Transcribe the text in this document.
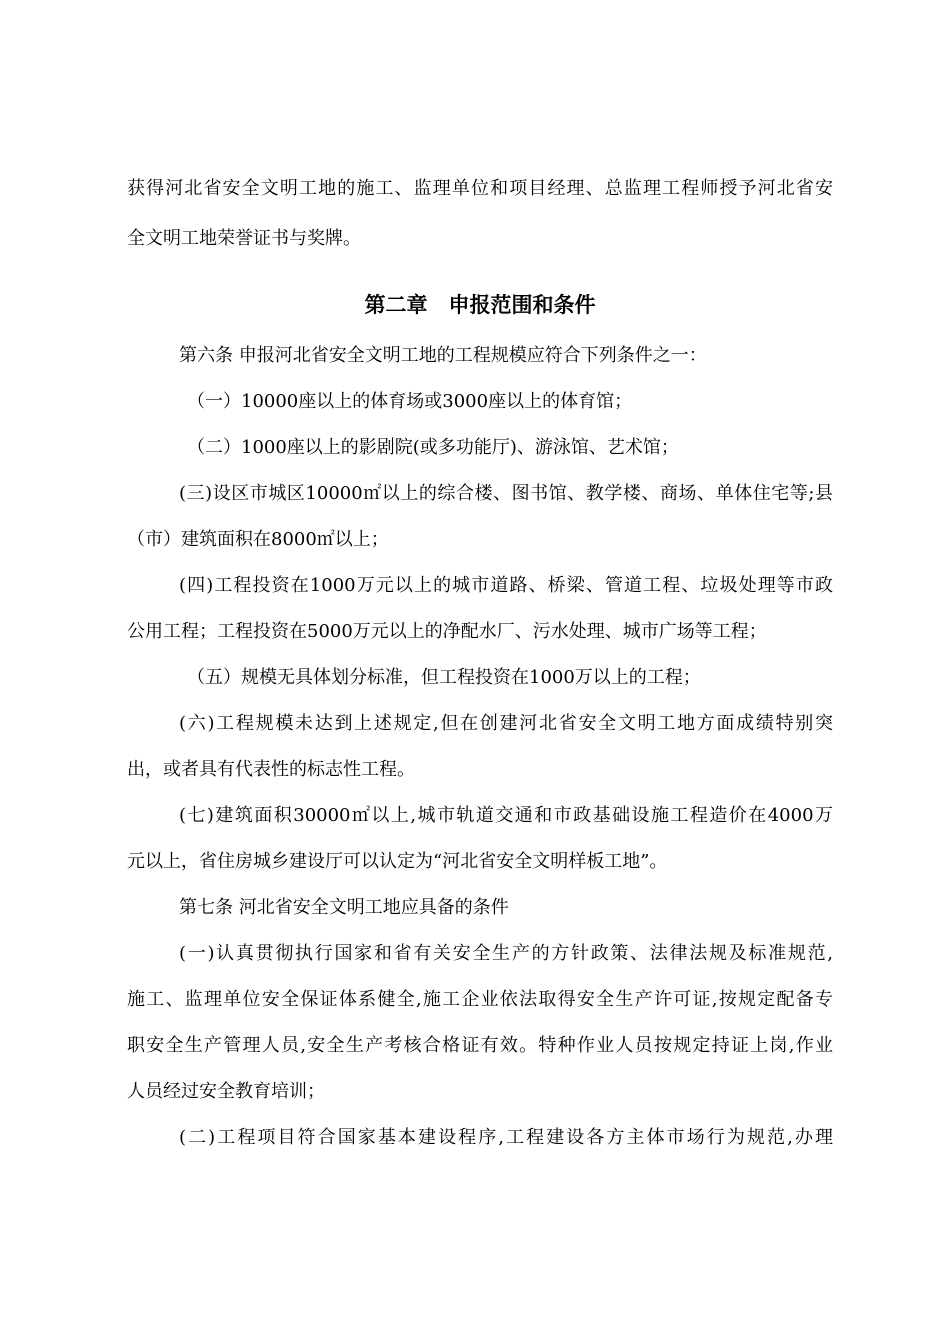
获得河北省安全文明工地的施工、监理单位和项目经理、总监理工程师授予河北省安
全文明工地荣誉证书与奖牌。
第二章　申报范围和条件
第六条 申报河北省安全文明工地的工程规模应符合下列条件之一：
（一）10000座以上的体育场或3000座以上的体育馆；
（二）1000座以上的影剧院(或多功能厅)、游泳馆、艺术馆；
(三)设区市城区10000㎡以上的综合楼、图书馆、教学楼、商场、单体住宅等;县
（市）建筑面积在8000㎡以上；
(四)工程投资在1000万元以上的城市道路、桥梁、管道工程、垃圾处理等市政
公用工程；工程投资在5000万元以上的净配水厂、污水处理、城市广场等工程；
（五）规模无具体划分标准，但工程投资在1000万以上的工程；
(六)工程规模未达到上述规定,但在创建河北省安全文明工地方面成绩特别突
出，或者具有代表性的标志性工程。
(七)建筑面积30000㎡以上,城市轨道交通和市政基础设施工程造价在4000万
元以上，省住房城乡建设厅可以认定为“河北省安全文明样板工地”。
第七条 河北省安全文明工地应具备的条件
(一)认真贯彻执行国家和省有关安全生产的方针政策、法律法规及标准规范,
施工、监理单位安全保证体系健全,施工企业依法取得安全生产许可证,按规定配备专
职安全生产管理人员,安全生产考核合格证有效。特种作业人员按规定持证上岗,作业
人员经过安全教育培训；
(二)工程项目符合国家基本建设程序,工程建设各方主体市场行为规范,办理
